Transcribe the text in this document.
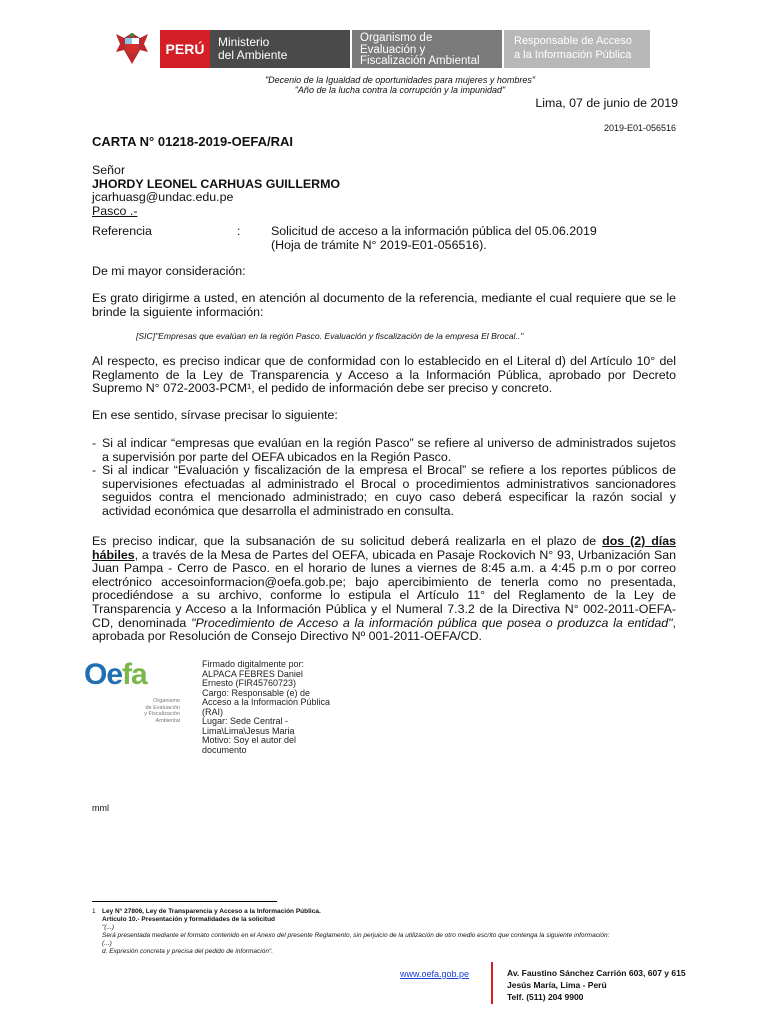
PERÚ	Ministerio
del Ambiente
Organismo de
Evaluación y
Fiscalización Ambiental
Responsable de Acceso
a la Información Pública
"Decenio de la Igualdad de oportunidades para mujeres y hombres"
"Año de la lucha contra la corrupción y la impunidad"
Lima, 07 de junio de 2019
2019-E01-056516
CARTA N° 01218-2019-OEFA/RAI
Señor
JHORDY LEONEL CARHUAS GUILLERMO
jcarhuasg@undac.edu.pe
Pasco .-
Referencia	: Solicitud de acceso a la información pública del 05.06.2019
(Hoja de trámite N° 2019-E01-056516).
De mi mayor consideración:
Es grato dirigirme a usted, en atención al documento de la referencia, mediante el cual requiere que se le brinde la siguiente información:
[SIC]"Empresas que evalúan en la región Pasco. Evaluación y fiscalización de la empresa El Brocal.."
Al respecto, es preciso indicar que de conformidad con lo establecido en el Literal d) del Artículo 10° del Reglamento de la Ley de Transparencia y Acceso a la Información Pública, aprobado por Decreto Supremo N° 072-2003-PCM¹, el pedido de información debe ser preciso y concreto.
En ese sentido, sírvase precisar lo siguiente:
- Si al indicar “empresas que evalúan en la región Pasco” se refiere al universo de administrados sujetos a supervisión por parte del OEFA ubicados en la Región Pasco.
- Si al indicar “Evaluación y fiscalización de la empresa el Brocal” se refiere a los reportes públicos de supervisiones efectuadas al administrado el Brocal o procedimientos administrativos sancionadores seguidos contra el mencionado administrado; en cuyo caso deberá especificar la razón social y actividad económica que desarrolla el administrado en consulta.
Es preciso indicar, que la subsanación de su solicitud deberá realizarla en el plazo de dos (2) días hábiles, a través de la Mesa de Partes del OEFA, ubicada en Pasaje Rockovich N° 93, Urbanización San Juan Pampa - Cerro de Pasco. en el horario de lunes a viernes de 8:45 a.m. a 4:45 p.m o por correo electrónico accesoinformacion@oefa.gob.pe; bajo apercibimiento de tenerla como no presentada, procediéndose a su archivo, conforme lo estipula el Artículo 11° del Reglamento de la Ley de Transparencia y Acceso a la Información Pública y el Numeral 7.3.2 de la Directiva N° 002-2011-OEFA-CD, denominada "Procedimiento de Acceso a la información pública que posea o produzca la entidad", aprobada por Resolución de Consejo Directivo Nº 001-2011-OEFA/CD.
Oefa
Organismo
de Evaluación
y Fiscalización
Ambiental
Firmado digitalmente por:
ALPACA FEBRES Daniel
Ernesto (FIR45760723)
Cargo: Responsable (e) de
Acceso a la Información Pública
(RAI)
Lugar: Sede Central -
Lima\Lima\Jesus Maria
Motivo: Soy el autor del
documento
mml
1 Ley N° 27806, Ley de Transparencia y Acceso a la Información Pública.
Artículo 10.- Presentación y formalidades de la solicitud
"(...)
Será presentada mediante el formato contenido en el Anexo del presente Reglamento, sin perjuicio de la utilización de otro medio escrito que contenga la siguiente información:
(...)
d. Expresión concreta y precisa del pedido de información".
www.oefa.gob.pe	Av. Faustino Sánchez Carrión 603, 607 y 615
Jesús María, Lima - Perú
Telf. (511) 204 9900
